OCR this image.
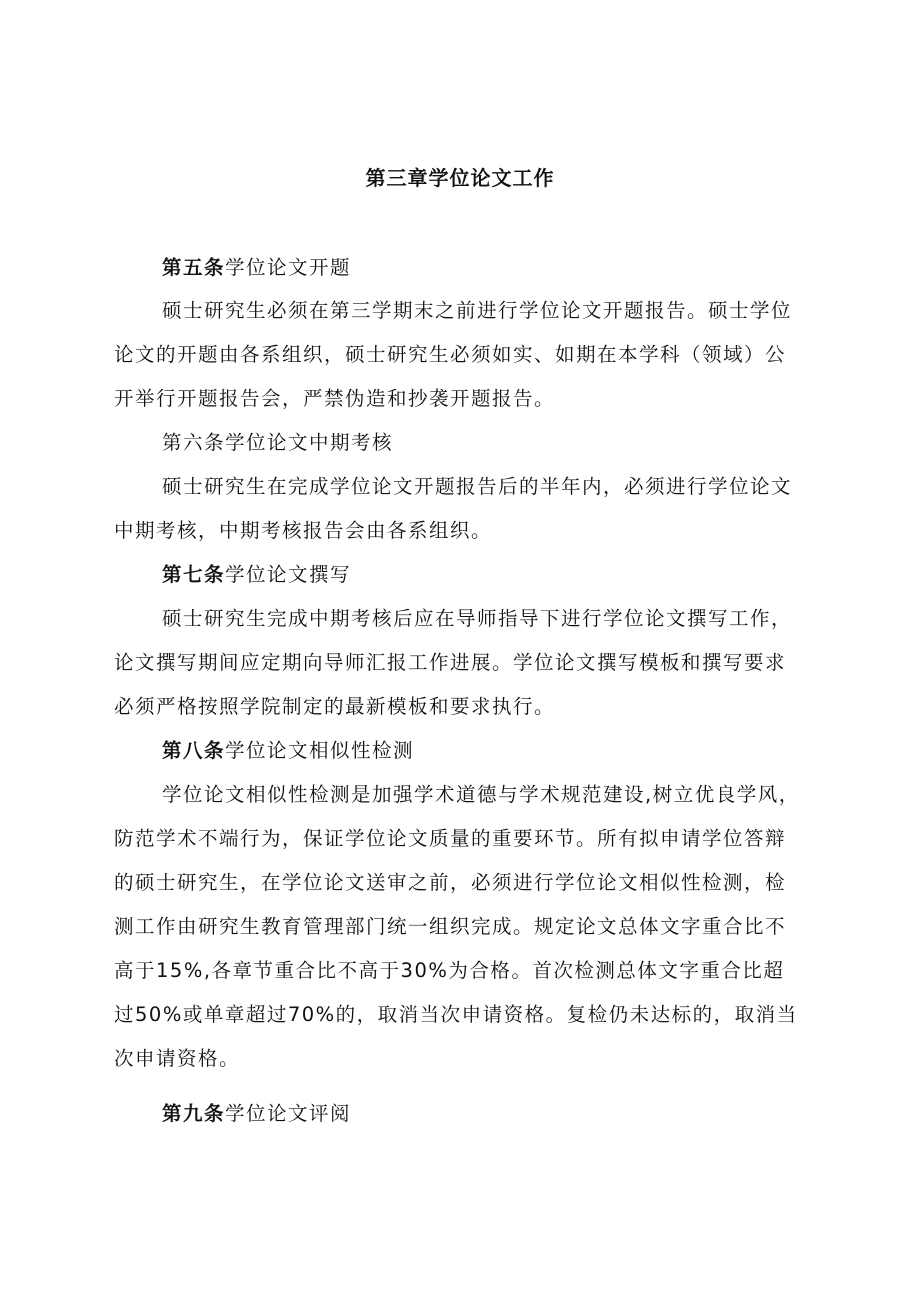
第三章学位论文工作
第五条学位论文开题
硕士研究生必须在第三学期末之前进行学位论文开题报告。硕士学位
论文的开题由各系组织，硕士研究生必须如实、如期在本学科（领域）公
开举行开题报告会，严禁伪造和抄袭开题报告。
第六条学位论文中期考核
硕士研究生在完成学位论文开题报告后的半年内，必须进行学位论文
中期考核，中期考核报告会由各系组织。
第七条学位论文撰写
硕士研究生完成中期考核后应在导师指导下进行学位论文撰写工作，
论文撰写期间应定期向导师汇报工作进展。学位论文撰写模板和撰写要求
必须严格按照学院制定的最新模板和要求执行。
第八条学位论文相似性检测
学位论文相似性检测是加强学术道德与学术规范建设,树立优良学风，
防范学术不端行为，保证学位论文质量的重要环节。所有拟申请学位答辩
的硕士研究生，在学位论文送审之前，必须进行学位论文相似性检测，检
测工作由研究生教育管理部门统一组织完成。规定论文总体文字重合比不
高于15%,各章节重合比不高于30%为合格。首次检测总体文字重合比超
过50%或单章超过70%的，取消当次申请资格。复检仍未达标的，取消当
次申请资格。
第九条学位论文评阅
